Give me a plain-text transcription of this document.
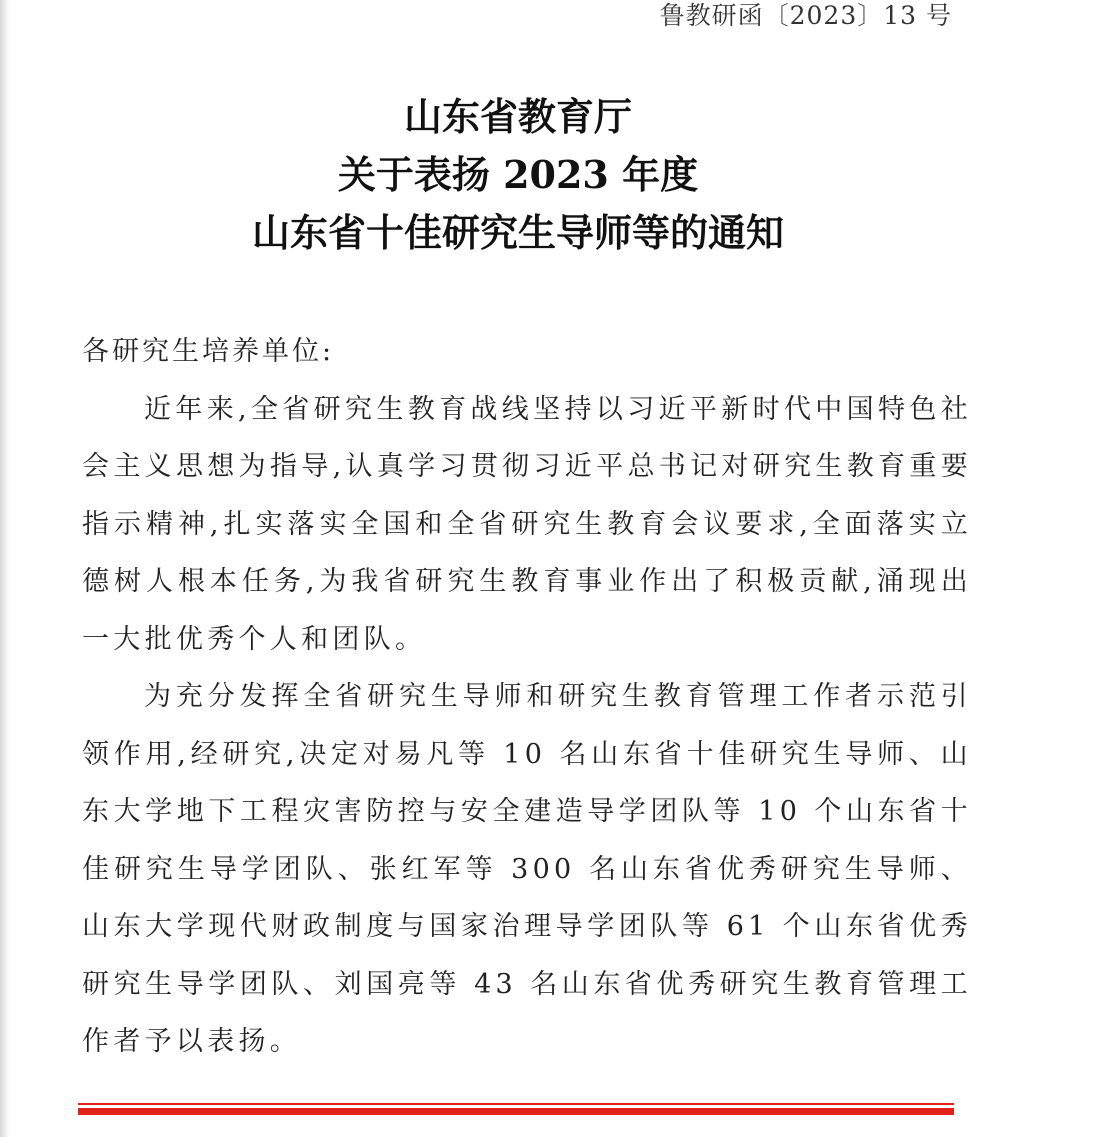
鲁教研函〔2023〕13 号
山东省教育厅
关于表扬 2023 年度
山东省十佳研究生导师等的通知
各研究生培养单位:

近年来,全省研究生教育战线坚持以习近平新时代中国特色社会主义思想为指导,认真学习贯彻习近平总书记对研究生教育重要指示精神,扎实落实全国和全省研究生教育会议要求,全面落实立德树人根本任务,为我省研究生教育事业作出了积极贡献,涌现出一大批优秀个人和团队。

为充分发挥全省研究生导师和研究生教育管理工作者示范引领作用,经研究,决定对易凡等 10 名山东省十佳研究生导师、山东大学地下工程灾害防控与安全建造导学团队等 10 个山东省十佳研究生导学团队、张红军等 300 名山东省优秀研究生导师、山东大学现代财政制度与国家治理导学团队等 61 个山东省优秀研究生导学团队、刘国亮等 43 名山东省优秀研究生教育管理工作者予以表扬。
